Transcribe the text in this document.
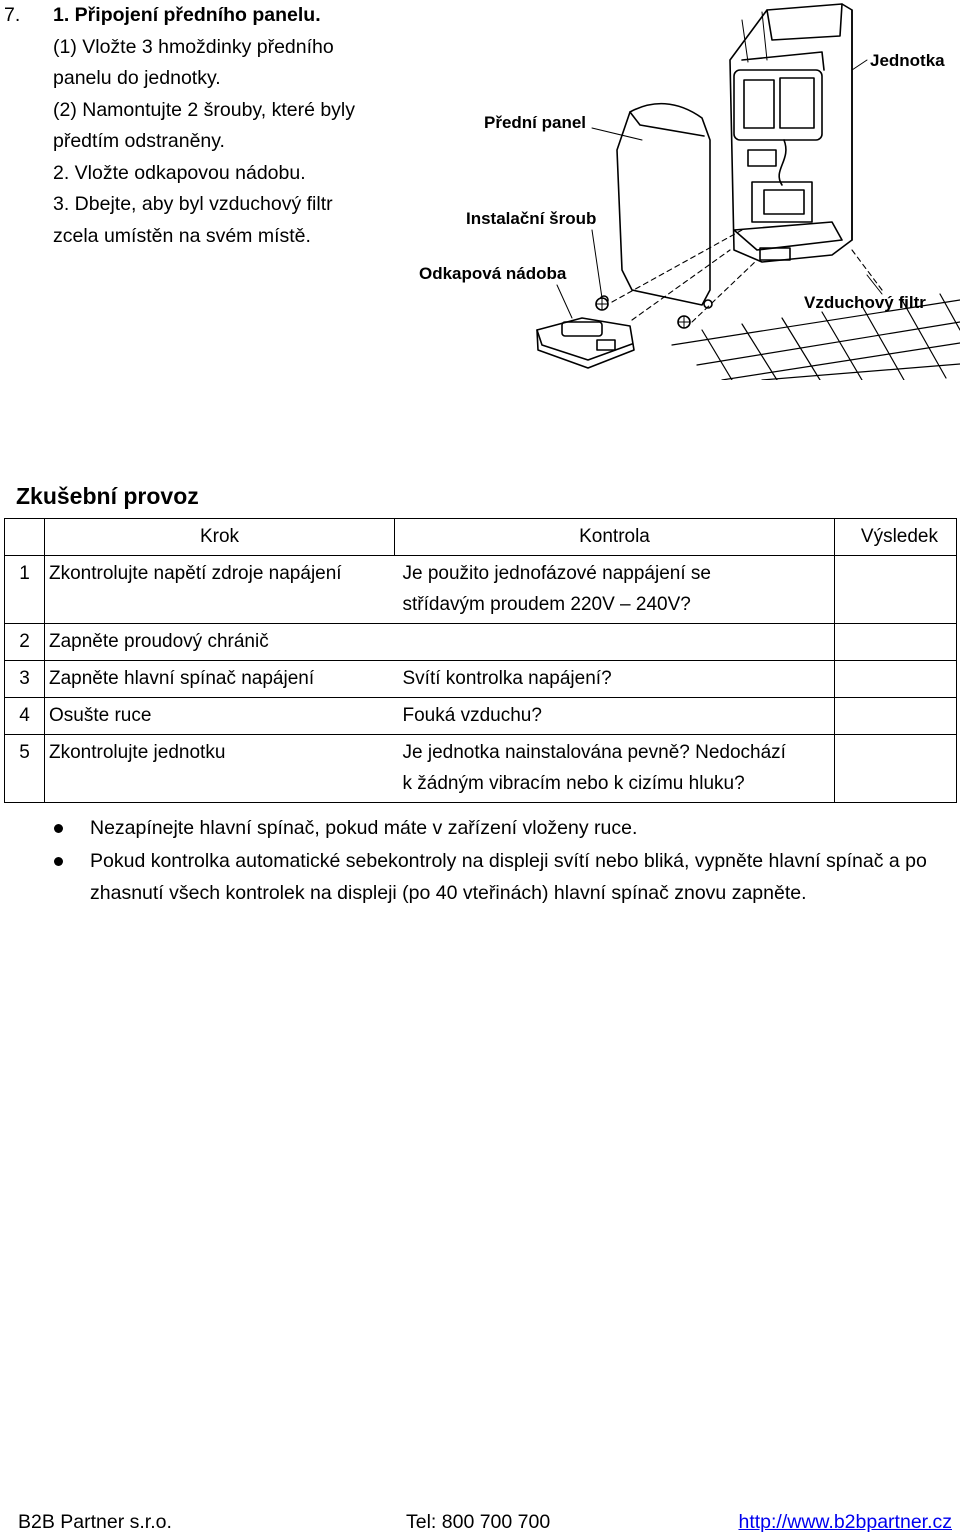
7. 1. Připojení předního panelu.
(1) Vložte 3 hmoždinky předního
panelu do jednotky.
(2) Namontujte 2 šrouby, které byly
předtím odstraněny.
2. Vložte odkapovou nádobu.
3. Dbejte, aby byl vzduchový filtr
zcela umístěn na svém místě.
Jednotka
Přední panel
Instalační šroub
Odkapová nádoba
Vzduchový filtr
Zkušební provoz
	Krok	Kontrola	Výsledek
1	Zkontrolujte napětí zdroje napájení	Je použito jednofázové nappájení se
střídavým proudem 220V – 240V?	
2	Zapněte proudový chránič		
3	Zapněte hlavní spínač napájení	Svítí kontrolka napájení?	
4	Osušte ruce	Fouká vzduchu?	
5	Zkontrolujte jednotku	Je jednotka nainstalována pevně? Nedochází
k žádným vibracím nebo k cizímu hluku?	
Nezapínejte hlavní spínač, pokud máte v zařízení vloženy ruce.
Pokud kontrolka automatické sebekontroly na displeji svítí nebo bliká, vypněte hlavní spínač a po zhasnutí všech kontrolek na displeji (po 40 vteřinách) hlavní spínač znovu zapněte.
B2B Partner s.r.o.	Tel: 800 700 700	http://www.b2bpartner.cz
